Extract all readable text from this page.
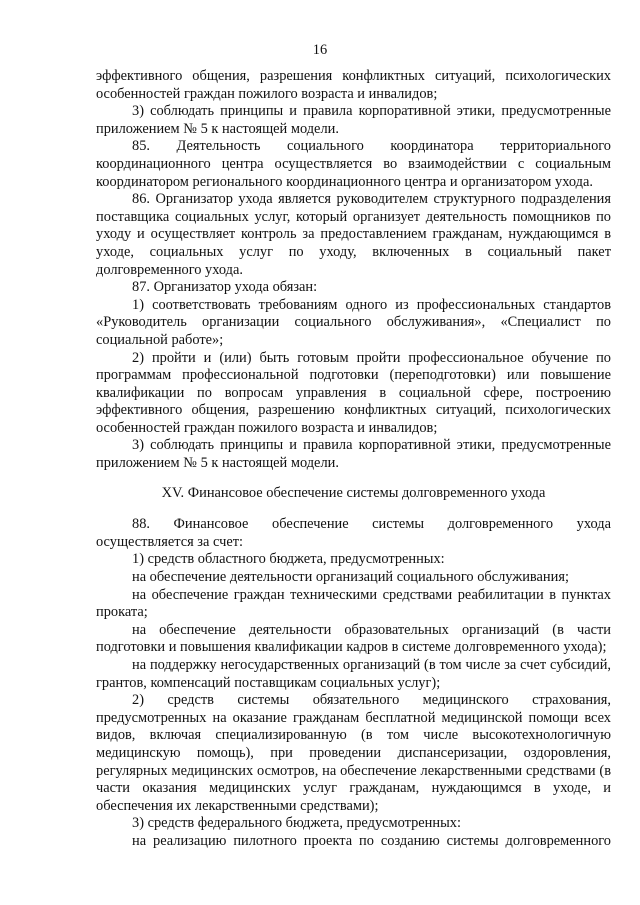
16

эффективного общения, разрешения конфликтных ситуаций, психологических особенностей граждан пожилого возраста и инвалидов;

3) соблюдать принципы и правила корпоративной этики, предусмотренные приложением № 5 к настоящей модели.

85. Деятельность социального координатора территориального координационного центра осуществляется во взаимодействии с социальным координатором регионального координационного центра и организатором ухода.

86. Организатор ухода является руководителем структурного подразделения поставщика социальных услуг, который организует деятельность помощников по уходу и осуществляет контроль за предоставлением гражданам, нуждающимся в уходе, социальных услуг по уходу, включенных в социальный пакет долговременного ухода.

87. Организатор ухода обязан:

1) соответствовать требованиям одного из профессиональных стандартов «Руководитель организации социального обслуживания», «Специалист по социальной работе»;

2) пройти и (или) быть готовым пройти профессиональное обучение по программам профессиональной подготовки (переподготовки) или повышение квалификации по вопросам управления в социальной сфере, построению эффективного общения, разрешению конфликтных ситуаций, психологических особенностей граждан пожилого возраста и инвалидов;

3) соблюдать принципы и правила корпоративной этики, предусмотренные приложением № 5 к настоящей модели.

XV. Финансовое обеспечение системы долговременного ухода

88. Финансовое обеспечение системы долговременного ухода осуществляется за счет:

1) средств областного бюджета, предусмотренных:

на обеспечение деятельности организаций социального обслуживания;

на обеспечение граждан техническими средствами реабилитации в пунктах проката;

на обеспечение деятельности образовательных организаций (в части подготовки и повышения квалификации кадров в системе долговременного ухода);

на поддержку негосударственных организаций (в том числе за счет субсидий, грантов, компенсаций поставщикам социальных услуг);

2) средств системы обязательного медицинского страхования, предусмотренных на оказание гражданам бесплатной медицинской помощи всех видов, включая специализированную (в том числе высокотехнологичную медицинскую помощь), при проведении диспансеризации, оздоровления, регулярных медицинских осмотров, на обеспечение лекарственными средствами (в части оказания медицинских услуг гражданам, нуждающимся в уходе, и обеспечения их лекарственными средствами);

3) средств федерального бюджета, предусмотренных:

на реализацию пилотного проекта по созданию системы долговременного
